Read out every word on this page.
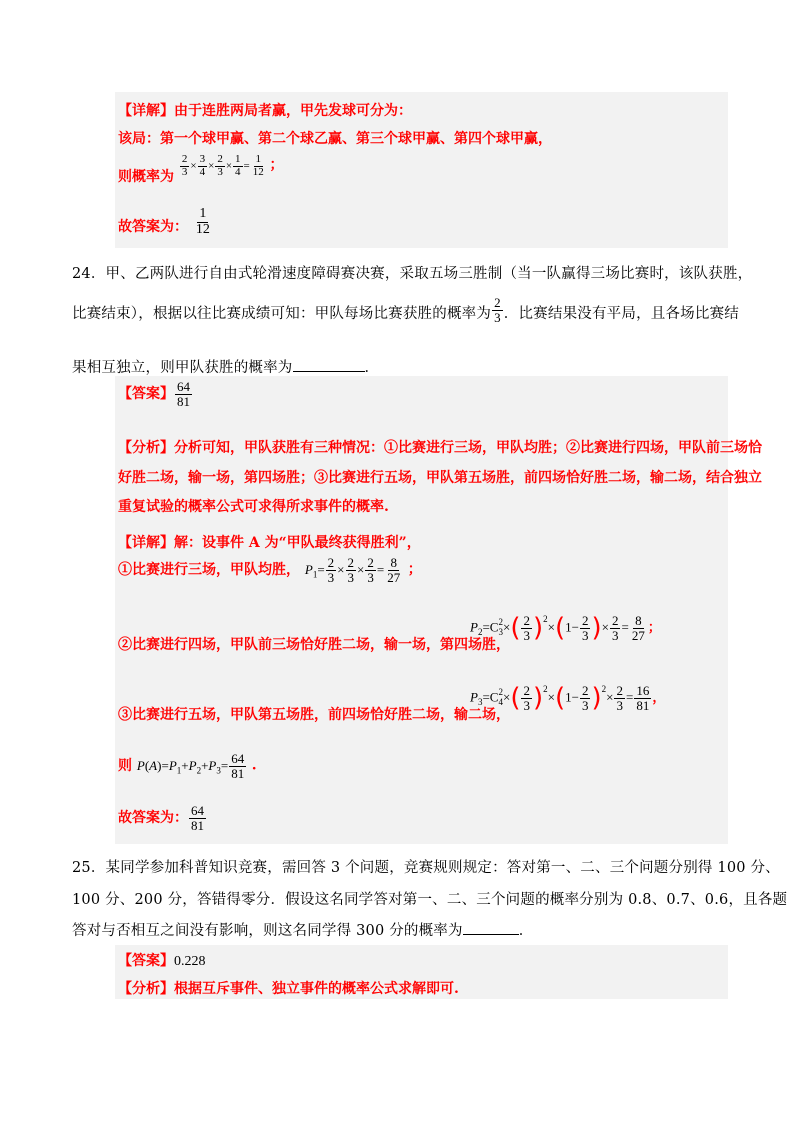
【详解】由于连胜两局者赢，甲先发球可分为：
该局：第一个球甲赢、第二个球乙赢、第三个球甲赢、第四个球甲赢，
则概率为 $\frac{2}{3} \times \frac{3}{4} \times \frac{2}{3} \times \frac{1}{4} = \frac{1}{12}$ ；
故答案为： $\frac{1}{12}$
24．甲、乙两队进行自由式轮滑速度障碍赛决赛，采取五场三胜制（当一队赢得三场比赛时，该队获胜，
比赛结束），根据以往比赛成绩可知：甲队每场比赛获胜的概率为 $\frac{2}{3}$ ．比赛结果没有平局，且各场比赛结
果相互独立，则甲队获胜的概率为	．
【答案】 $\frac{64}{81}$
【分析】分析可知，甲队获胜有三种情况：①比赛进行三场，甲队均胜；②比赛进行四场，甲队前三场恰
好胜二场，输一场，第四场胜；③比赛进行五场，甲队第五场胜，前四场恰好胜二场，输二场，结合独立
重复试验的概率公式可求得所求事件的概率.
【详解】解：设事件 A 为“甲队最终获得胜利”，
①比赛进行三场，甲队均胜， $P_1= \frac{2}{3} \times \frac{2}{3} \times \frac{2}{3} = \frac{8}{27}$ ；
②比赛进行四场，甲队前三场恰好胜二场，输一场，第四场胜，
$P_2=C$ 2
3 ×( $\frac{2}{3} )^2\times(1- \frac{2}{3}$ )× $\frac{2}{3} = \frac{8}{27}$ ；
③比赛进行五场，甲队第五场胜，前四场恰好胜二场，输二场，
$P_3=C$ 2
4 ×( $\frac{2}{3} )^2\times(1- \frac{2}{3} )^2\times \frac{2}{3} = \frac{16}{81}$ ，
则 $P(A)=P_1+P_2+P_3= \frac{64}{81}$ .
故答案为： $\frac{64}{81}$
25．某同学参加科普知识竞赛，需回答 3 个问题，竞赛规则规定：答对第一、二、三个问题分别得 100 分、
100 分、200 分，答错得零分．假设这名同学答对第一、二、三个问题的概率分别为 0.8、0.7、0.6，且各题
答对与否相互之间没有影响，则这名同学得 300 分的概率为	．
【答案】0.228
【分析】根据互斥事件、独立事件的概率公式求解即可.
